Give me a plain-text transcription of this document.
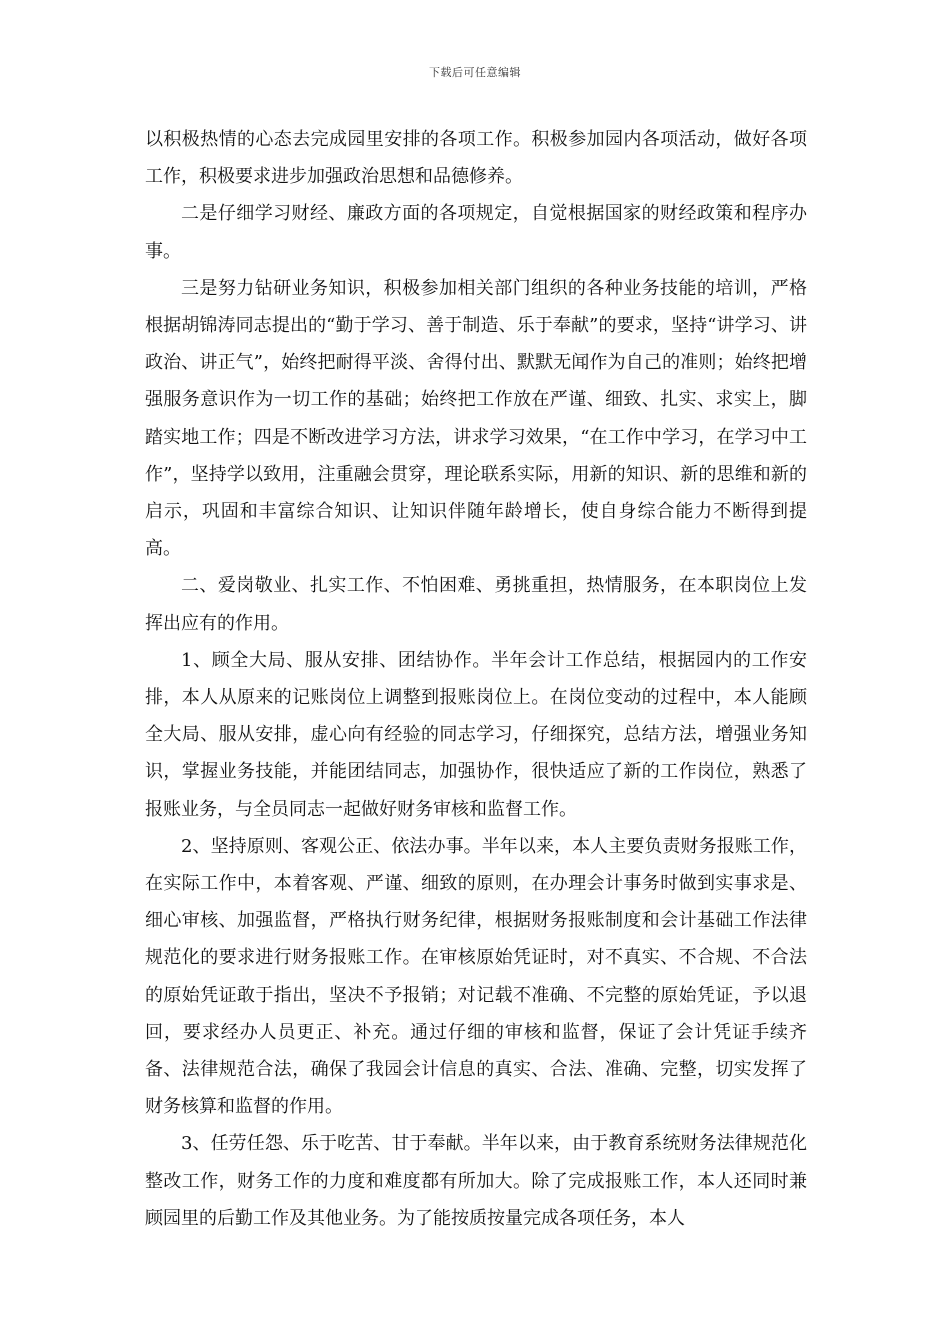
下载后可任意编辑

以积极热情的心态去完成园里安排的各项工作。积极参加园内各项活动，做好各项工作，积极要求进步加强政治思想和品德修养。

二是仔细学习财经、廉政方面的各项规定，自觉根据国家的财经政策和程序办事。

三是努力钻研业务知识，积极参加相关部门组织的各种业务技能的培训，严格根据胡锦涛同志提出的“勤于学习、善于制造、乐于奉献”的要求，坚持“讲学习、讲政治、讲正气”，始终把耐得平淡、舍得付出、默默无闻作为自己的准则；始终把增强服务意识作为一切工作的基础；始终把工作放在严谨、细致、扎实、求实上，脚踏实地工作；四是不断改进学习方法，讲求学习效果，“在工作中学习，在学习中工作”，坚持学以致用，注重融会贯穿，理论联系实际，用新的知识、新的思维和新的启示，巩固和丰富综合知识、让知识伴随年龄增长，使自身综合能力不断得到提高。

二、爱岗敬业、扎实工作、不怕困难、勇挑重担，热情服务，在本职岗位上发挥出应有的作用。

1、顾全大局、服从安排、团结协作。半年会计工作总结，根据园内的工作安排，本人从原来的记账岗位上调整到报账岗位上。在岗位变动的过程中，本人能顾全大局、服从安排，虚心向有经验的同志学习，仔细探究，总结方法，增强业务知识，掌握业务技能，并能团结同志，加强协作，很快适应了新的工作岗位，熟悉了报账业务，与全员同志一起做好财务审核和监督工作。

2、坚持原则、客观公正、依法办事。半年以来，本人主要负责财务报账工作，在实际工作中，本着客观、严谨、细致的原则，在办理会计事务时做到实事求是、细心审核、加强监督，严格执行财务纪律，根据财务报账制度和会计基础工作法律规范化的要求进行财务报账工作。在审核原始凭证时，对不真实、不合规、不合法的原始凭证敢于指出，坚决不予报销；对记载不准确、不完整的原始凭证，予以退回，要求经办人员更正、补充。通过仔细的审核和监督，保证了会计凭证手续齐备、法律规范合法，确保了我园会计信息的真实、合法、准确、完整，切实发挥了财务核算和监督的作用。

3、任劳任怨、乐于吃苦、甘于奉献。半年以来，由于教育系统财务法律规范化整改工作，财务工作的力度和难度都有所加大。除了完成报账工作，本人还同时兼顾园里的后勤工作及其他业务。为了能按质按量完成各项任务，本人
